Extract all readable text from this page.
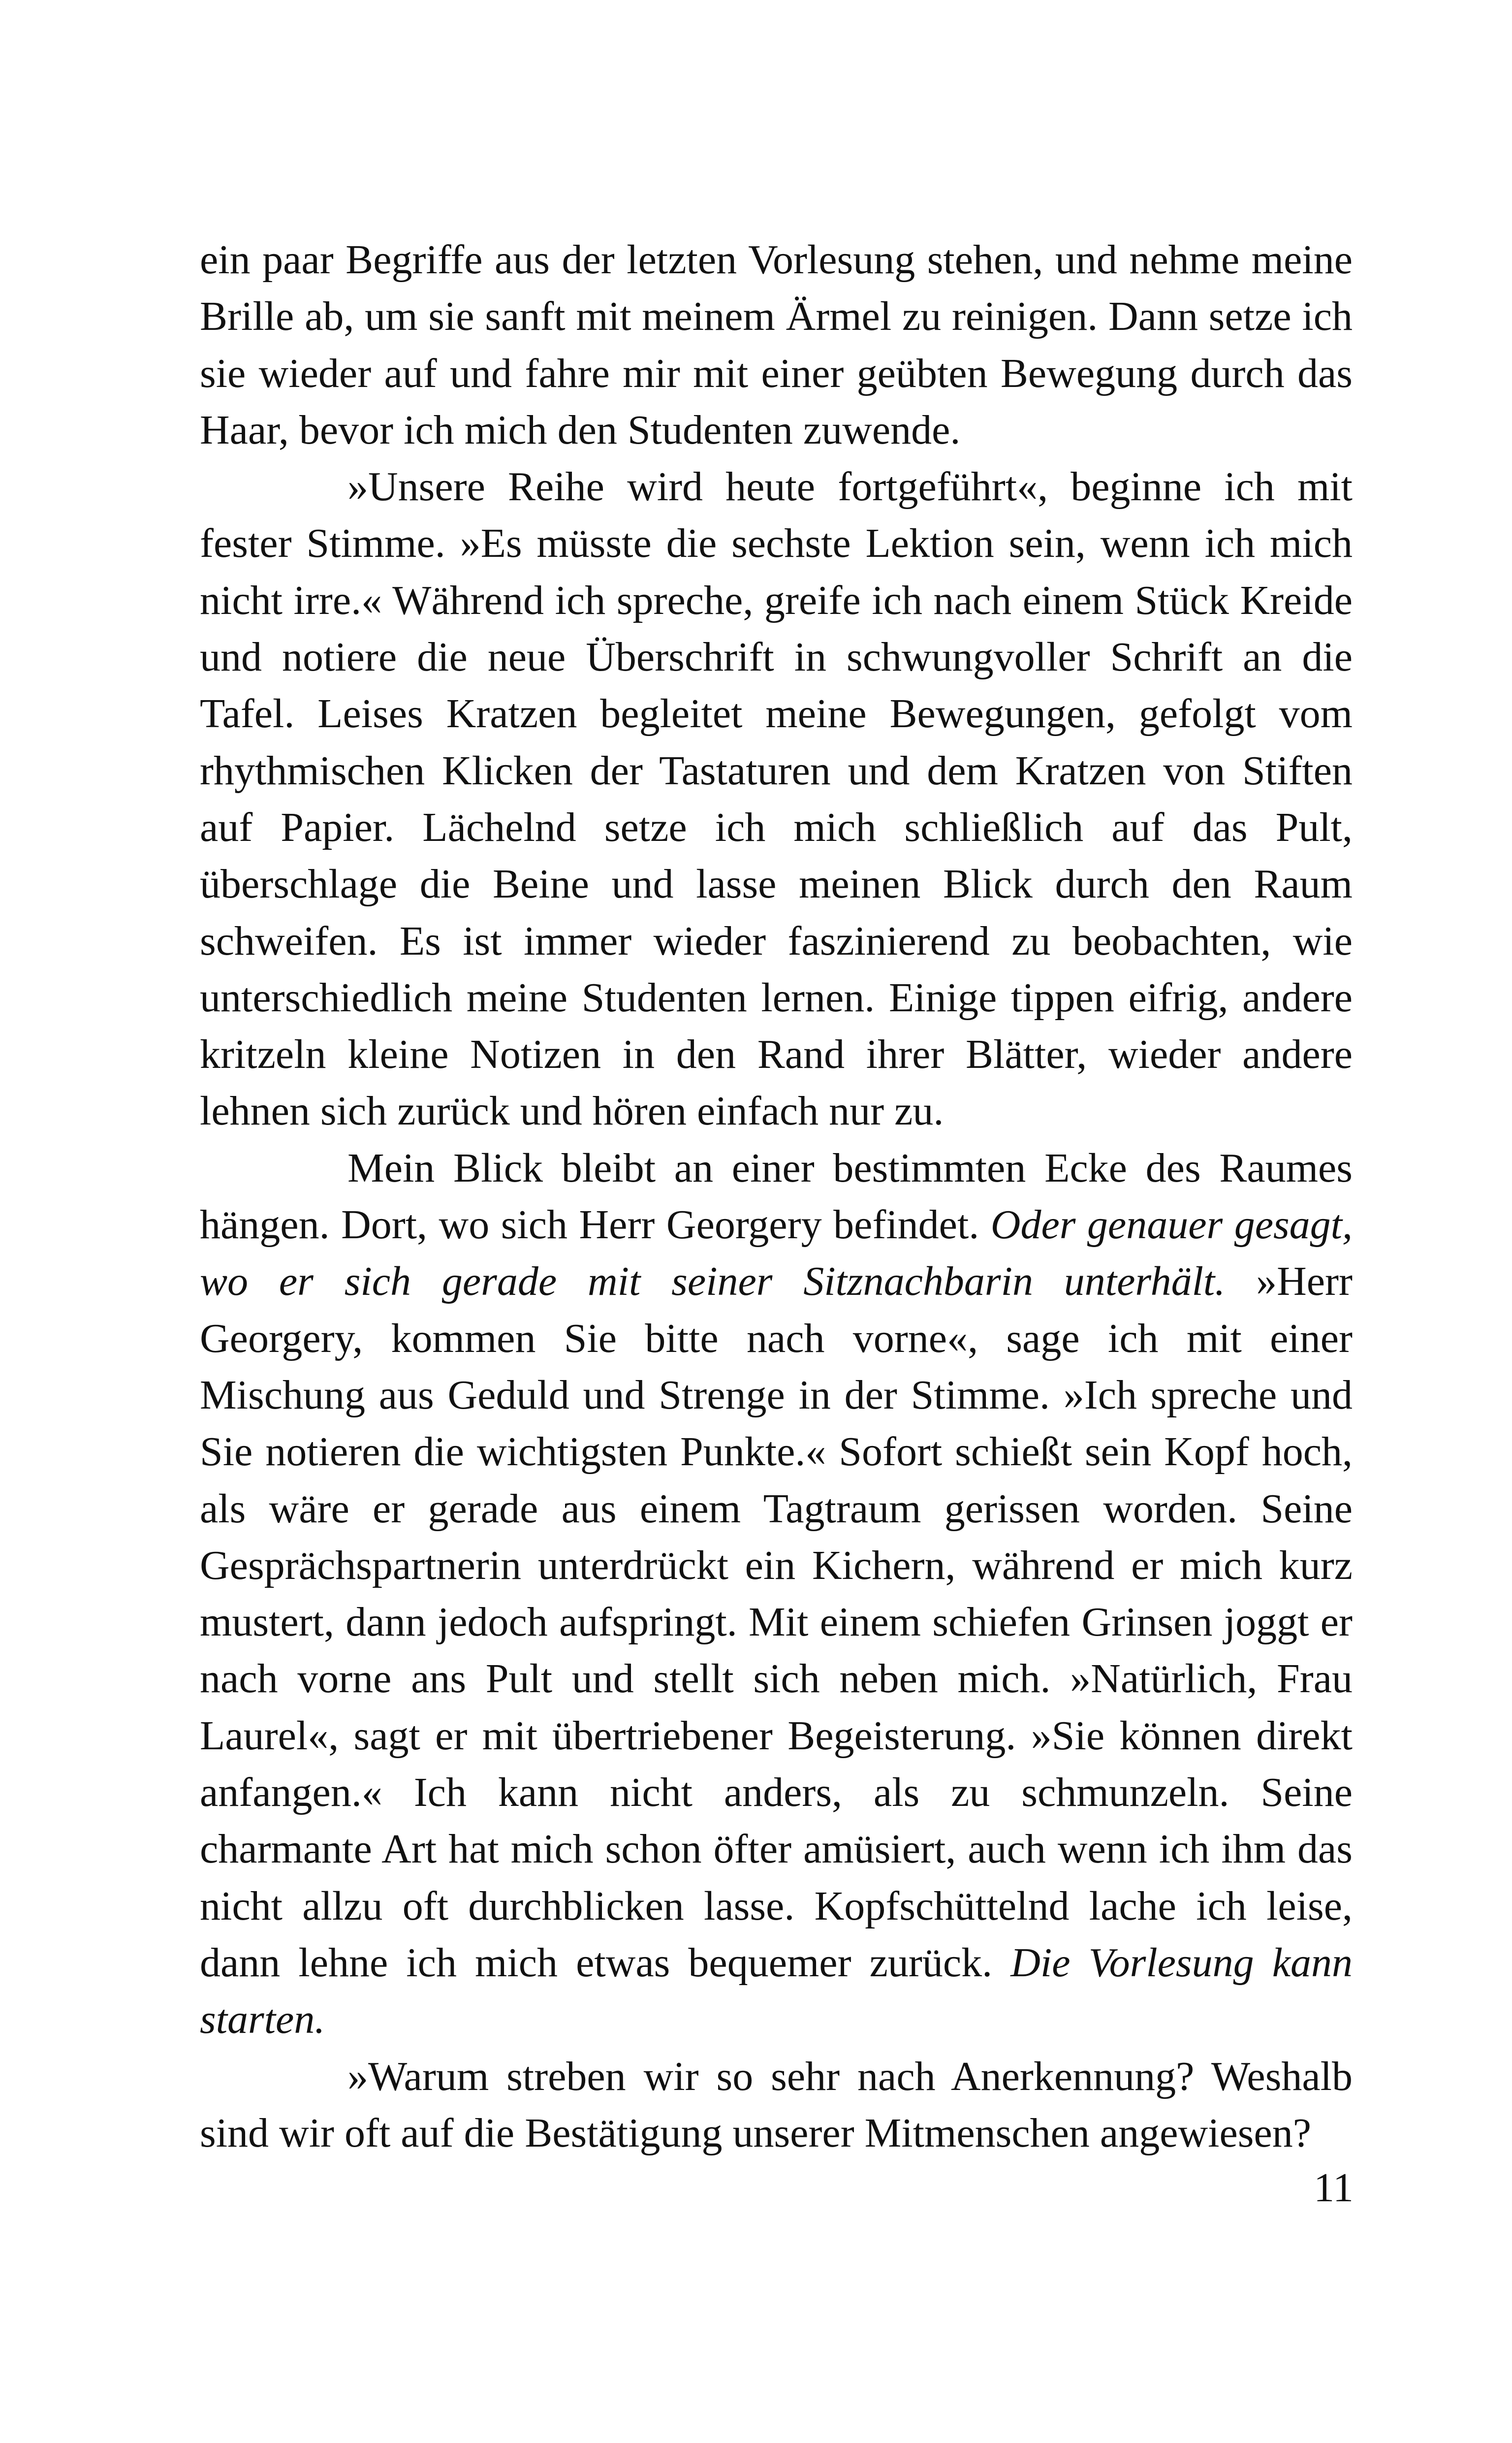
ein paar Begriffe aus der letzten Vorlesung stehen, und nehme meine Brille ab, um sie sanft mit meinem Ärmel zu reinigen. Dann setze ich sie wieder auf und fahre mir mit einer geübten Bewegung durch das Haar, bevor ich mich den Studenten zuwende.

»Unsere Reihe wird heute fortgeführt«, beginne ich mit fester Stimme. »Es müsste die sechste Lektion sein, wenn ich mich nicht irre.« Während ich spreche, greife ich nach einem Stück Kreide und notiere die neue Überschrift in schwungvoller Schrift an die Tafel. Leises Kratzen begleitet meine Bewegungen, gefolgt vom rhythmischen Klicken der Tastaturen und dem Kratzen von Stiften auf Papier. Lächelnd setze ich mich schließlich auf das Pult, überschlage die Beine und lasse meinen Blick durch den Raum schweifen. Es ist immer wieder faszinierend zu beobachten, wie unterschiedlich meine Studenten lernen. Einige tippen eifrig, andere kritzeln kleine Notizen in den Rand ihrer Blätter, wieder andere lehnen sich zurück und hören einfach nur zu.

Mein Blick bleibt an einer bestimmten Ecke des Raumes hängen. Dort, wo sich Herr Georgery befindet. Oder genauer gesagt, wo er sich gerade mit seiner Sitznachbarin unterhält. »Herr Georgery, kommen Sie bitte nach vorne«, sage ich mit einer Mischung aus Geduld und Strenge in der Stimme. »Ich spreche und Sie notieren die wichtigsten Punkte.« Sofort schießt sein Kopf hoch, als wäre er gerade aus einem Tagtraum gerissen worden. Seine Gesprächspartnerin unterdrückt ein Kichern, während er mich kurz mustert, dann jedoch aufspringt. Mit einem schiefen Grinsen joggt er nach vorne ans Pult und stellt sich neben mich. »Natürlich, Frau Laurel«, sagt er mit übertriebener Begeisterung. »Sie können direkt anfangen.« Ich kann nicht anders, als zu schmunzeln. Seine charmante Art hat mich schon öfter amüsiert, auch wenn ich ihm das nicht allzu oft durchblicken lasse. Kopfschüttelnd lache ich leise, dann lehne ich mich etwas bequemer zurück. Die Vorlesung kann starten.

»Warum streben wir so sehr nach Anerkennung? Weshalb sind wir oft auf die Bestätigung unserer Mitmenschen angewiesen?

11
